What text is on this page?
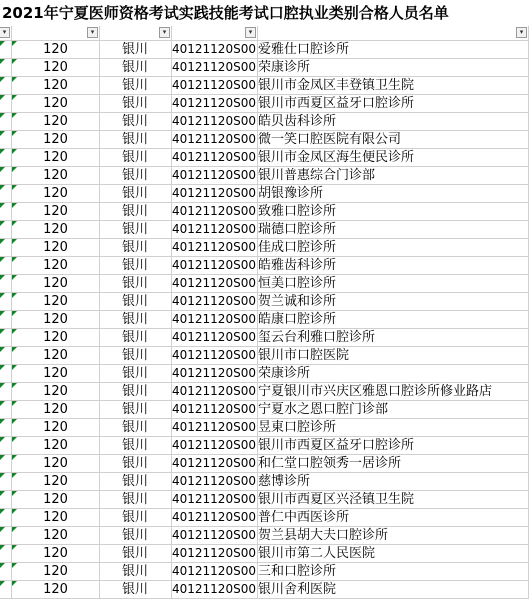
2021年宁夏医师资格考试实践技能考试口腔执业类别合格人员名单
▾	▾	▾	▾	▾
120	银川	40121120S00 爱雅仕口腔诊所
120	银川	40121120S00 荣康诊所
120	银川	40121120S00 银川市金凤区丰登镇卫生院
120	银川	40121120S00 银川市西夏区益牙口腔诊所
120	银川	40121120S00 皓贝齿科诊所
120	银川	40121120S00 微一笑口腔医院有限公司
120	银川	40121120S00 银川市金凤区海生便民诊所
120	银川	40121120S00 银川普惠综合门诊部
120	银川	40121120S00 胡银豫诊所
120	银川	40121120S00 致雅口腔诊所
120	银川	40121120S00 瑞德口腔诊所
120	银川	40121120S00 佳成口腔诊所
120	银川	40121120S00 皓雅齿科诊所
120	银川	40121120S00 恒美口腔诊所
120	银川	40121120S00 贺兰诚和诊所
120	银川	40121120S00 皓康口腔诊所
120	银川	40121120S00 玺云台利雅口腔诊所
120	银川	40121120S00 银川市口腔医院
120	银川	40121120S00 荣康诊所
120	银川	40121120S00 宁夏银川市兴庆区雅恩口腔诊所修业路店
120	银川	40121120S00 宁夏水之恩口腔门诊部
120	银川	40121120S00 昱東口腔诊所
120	银川	40121120S00 银川市西夏区益牙口腔诊所
120	银川	40121120S00 和仁堂口腔领秀一居诊所
120	银川	40121120S00 慈博诊所
120	银川	40121120S00 银川市西夏区兴泾镇卫生院
120	银川	40121120S00 普仁中西医诊所
120	银川	40121120S00 贺兰县胡大夫口腔诊所
120	银川	40121120S00 银川市第二人民医院
120	银川	40121120S00 三和口腔诊所
120	银川	40121120S00 银川舍利医院
